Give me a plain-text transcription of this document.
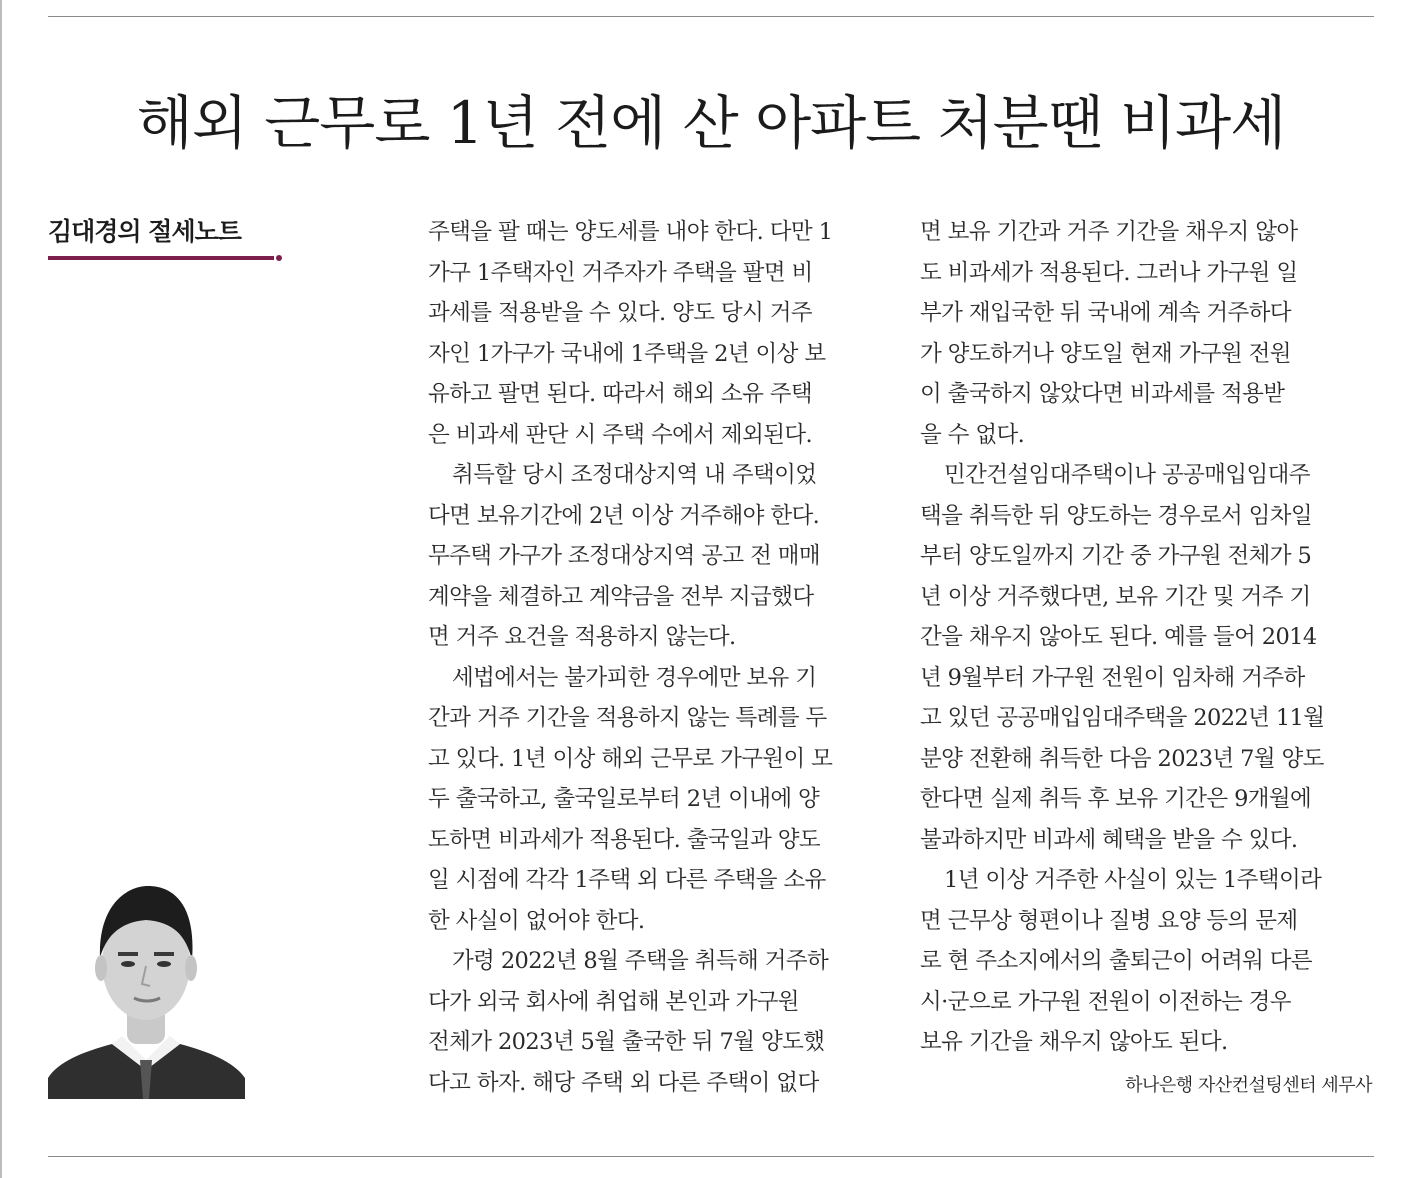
해외 근무로 1년 전에 산 아파트 처분땐 비과세
김대경의 절세노트	주택을 팔 때는 양도세를 내야 한다. 다만 1
가구 1주택자인 거주자가 주택을 팔면 비
과세를 적용받을 수 있다. 양도 당시 거주
자인 1가구가 국내에 1주택을 2년 이상 보
유하고 팔면 된다. 따라서 해외 소유 주택
은 비과세 판단 시 주택 수에서 제외된다.
취득할 당시 조정대상지역 내 주택이었
다면 보유기간에 2년 이상 거주해야 한다.
무주택 가구가 조정대상지역 공고 전 매매
계약을 체결하고 계약금을 전부 지급했다
면 거주 요건을 적용하지 않는다.
세법에서는 불가피한 경우에만 보유 기
간과 거주 기간을 적용하지 않는 특례를 두
고 있다. 1년 이상 해외 근무로 가구원이 모
두 출국하고, 출국일로부터 2년 이내에 양
도하면 비과세가 적용된다. 출국일과 양도
일 시점에 각각 1주택 외 다른 주택을 소유
한 사실이 없어야 한다.
가령 2022년 8월 주택을 취득해 거주하
다가 외국 회사에 취업해 본인과 가구원
전체가 2023년 5월 출국한 뒤 7월 양도했
다고 하자. 해당 주택 외 다른 주택이 없다
면 보유 기간과 거주 기간을 채우지 않아
도 비과세가 적용된다. 그러나 가구원 일
부가 재입국한 뒤 국내에 계속 거주하다
가 양도하거나 양도일 현재 가구원 전원
이 출국하지 않았다면 비과세를 적용받
을 수 없다.
민간건설임대주택이나 공공매입임대주
택을 취득한 뒤 양도하는 경우로서 임차일
부터 양도일까지 기간 중 가구원 전체가 5
년 이상 거주했다면, 보유 기간 및 거주 기
간을 채우지 않아도 된다. 예를 들어 2014
년 9월부터 가구원 전원이 임차해 거주하
고 있던 공공매입임대주택을 2022년 11월
분양 전환해 취득한 다음 2023년 7월 양도
한다면 실제 취득 후 보유 기간은 9개월에
불과하지만 비과세 혜택을 받을 수 있다.
1년 이상 거주한 사실이 있는 1주택이라
면 근무상 형편이나 질병 요양 등의 문제
로 현 주소지에서의 출퇴근이 어려워 다른
시·군으로 가구원 전원이 이전하는 경우
보유 기간을 채우지 않아도 된다.
하나은행 자산컨설팅센터 세무사
